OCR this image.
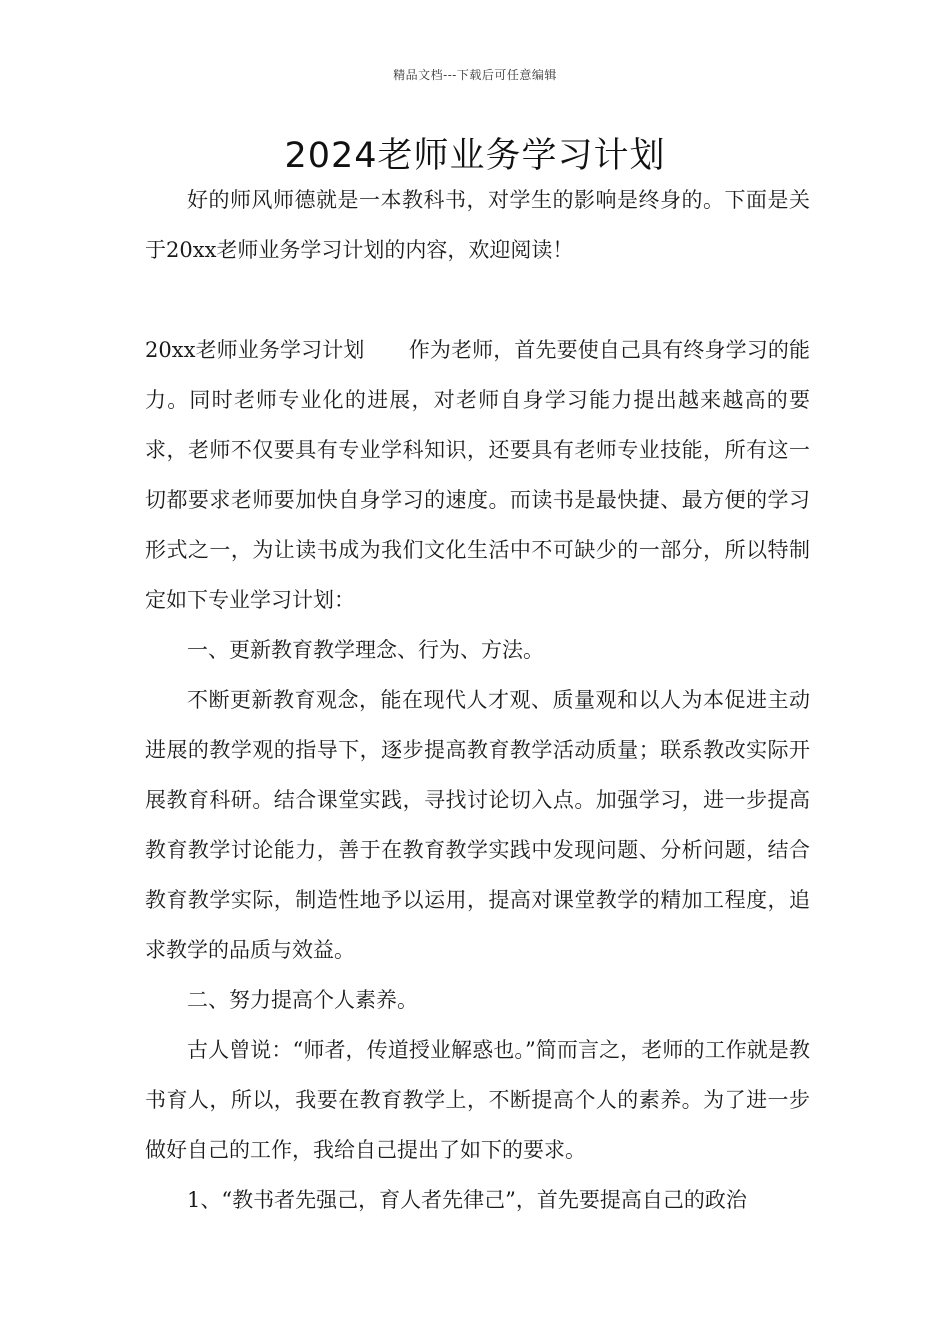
精品文档---下载后可任意编辑
2024老师业务学习计划

好的师风师德就是一本教科书，对学生的影响是终身的。下面是关于20xx老师业务学习计划的内容，欢迎阅读！

20xx老师业务学习计划 作为老师，首先要使自己具有终身学习的能力。同时老师专业化的进展，对老师自身学习能力提出越来越高的要求，老师不仅要具有专业学科知识，还要具有老师专业技能，所有这一切都要求老师要加快自身学习的速度。而读书是最快捷、最方便的学习形式之一，为让读书成为我们文化生活中不可缺少的一部分，所以特制定如下专业学习计划：

一、更新教育教学理念、行为、方法。

不断更新教育观念，能在现代人才观、质量观和以人为本促进主动进展的教学观的指导下，逐步提高教育教学活动质量；联系教改实际开展教育科研。结合课堂实践，寻找讨论切入点。加强学习，进一步提高教育教学讨论能力，善于在教育教学实践中发现问题、分析问题，结合教育教学实际，制造性地予以运用，提高对课堂教学的精加工程度，追求教学的品质与效益。

二、努力提高个人素养。

古人曾说：“师者，传道授业解惑也。”简而言之，老师的工作就是教书育人，所以，我要在教育教学上，不断提高个人的素养。为了进一步做好自己的工作，我给自己提出了如下的要求。

1、“教书者先强己，育人者先律己”，首先要提高自己的政治
